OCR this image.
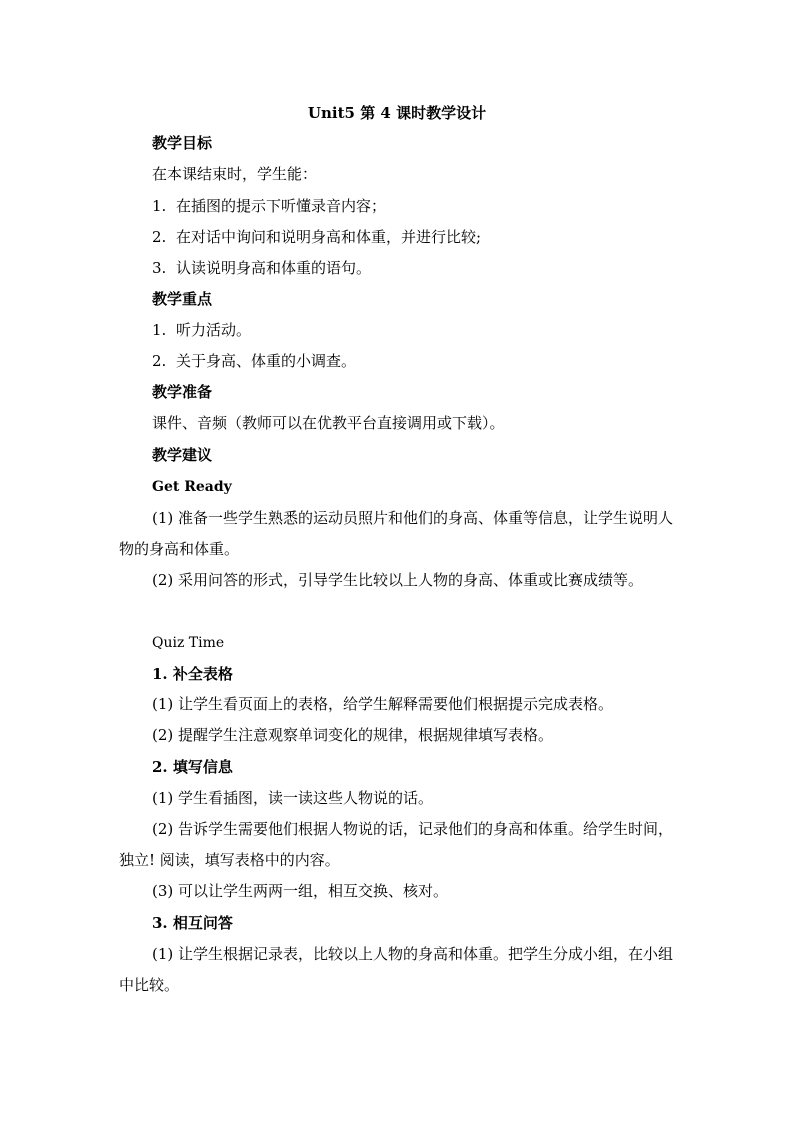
Unit5 第 4 课时教学设计
教学目标
在本课结束时，学生能：
1. 在插图的提示下听懂录音内容；
2. 在对话中询问和说明身高和体重，并进行比较;
3. 认读说明身高和体重的语句。
教学重点
1. 听力活动。
2. 关于身高、体重的小调查。
教学准备
课件、音频（教师可以在优教平台直接调用或下载）。
教学建议
Get Ready
(1) 准备一些学生熟悉的运动员照片和他们的身高、体重等信息，让学生说明人物的身高和体重。
(2) 采用问答的形式，引导学生比较以上人物的身高、体重或比赛成绩等。
Quiz Time
1. 补全表格
(1) 让学生看页面上的表格，给学生解释需要他们根据提示完成表格。
(2) 提醒学生注意观察单词变化的规律，根据规律填写表格。
2. 填写信息
(1) 学生看插图，读一读这些人物说的话。
(2) 告诉学生需要他们根据人物说的话，记录他们的身高和体重。给学生时间，独立! 阅读，填写表格中的内容。
(3) 可以让学生两两一组，相互交换、核对。
3. 相互问答
(1) 让学生根据记录表，比较以上人物的身高和体重。把学生分成小组，在小组中比较。
